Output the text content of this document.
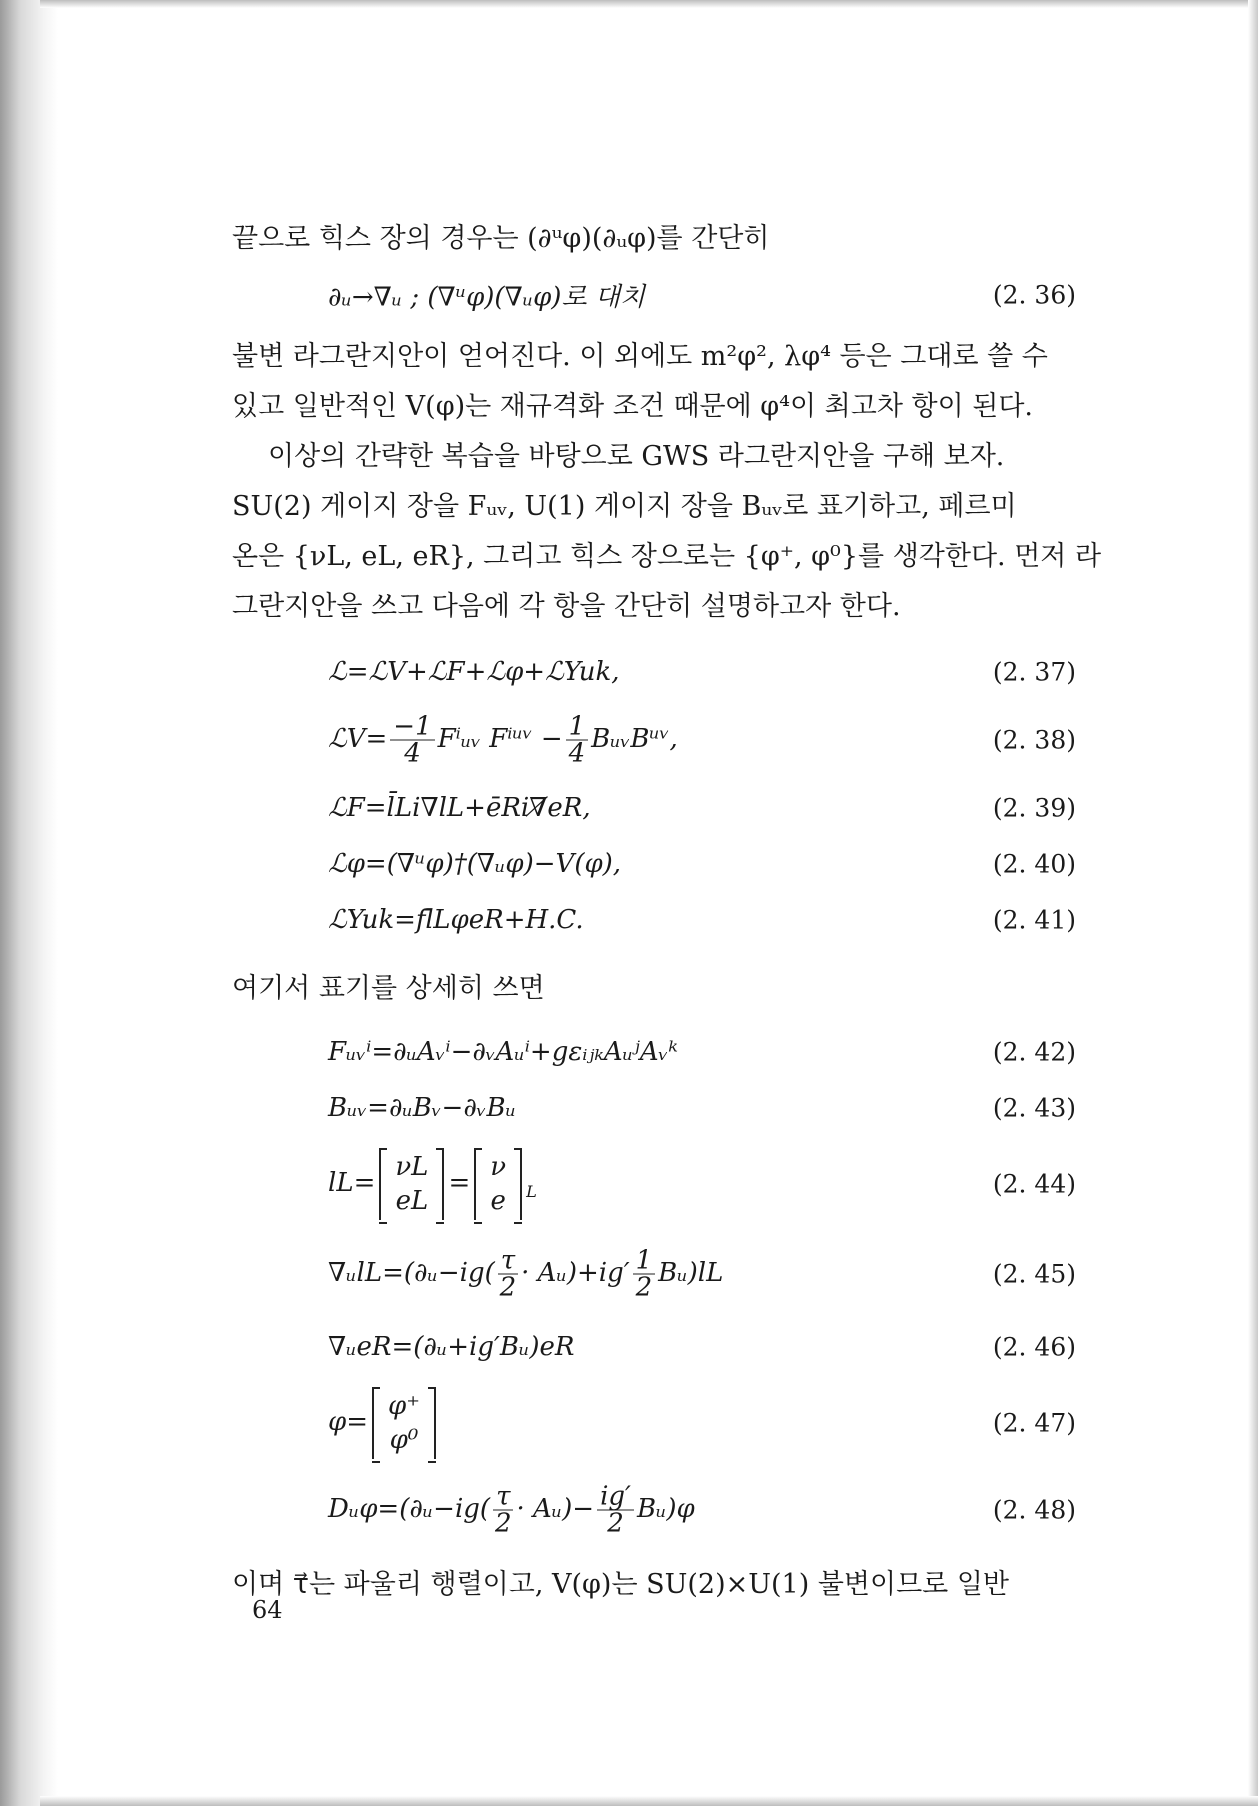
끝으로 힉스 장의 경우는 (∂ᵘφ)(∂ᵤφ)를 간단히

∂ᵤ→∇ᵤ ; (∇ᵘφ)(∇ᵤφ)로 대치	(2. 36)

불변 라그란지안이 얻어진다. 이 외에도 m²φ², λφ⁴ 등은 그대로 쓸 수

있고 일반적인 V(φ)는 재규격화 조건 때문에 φ⁴이 최고차 항이 된다.

이상의 간략한 복습을 바탕으로 GWS 라그란지안을 구해 보자.

SU(2) 게이지 장을 Fᵤᵥ, U(1) 게이지 장을 Bᵤᵥ로 표기하고, 페르미

온은 {νL, eL, eR}, 그리고 힉스 장으로는 {φ⁺, φ⁰}를 생각한다. 먼저 라

그란지안을 쓰고 다음에 각 항을 간단히 설명하고자 한다.

ℒ=ℒV+ℒF+ℒφ+ℒYuk,	(2. 37)
ℒV= $\frac{-1}{4}$ Fⁱᵤᵥ Fⁱᵘᵛ − $\frac{1}{4}$ BᵤᵥBᵘᵛ,	(2. 38)
ℒF=l̄Li∇lL+ēRi∇̸eR,	(2. 39)
ℒφ=(∇ᵘφ)†(∇ᵤφ)−V(φ),	(2. 40)
ℒYuk=fl̄LφeR+H.C.	(2. 41)

여기서 표기를 상세히 쓰면

Fᵤᵥⁱ=∂ᵤAᵥⁱ−∂ᵥAᵤⁱ+gεᵢⱼₖAᵤʲAᵥᵏ	(2. 42)
Bᵤᵥ=∂ᵤBᵥ−∂ᵥBᵤ	(2. 43)
lL=
νL
eL
=
ν
e $_L$	(2. 44)
∇ᵤlL=(∂ᵤ−ig( $\frac{\tau}{2}$ · Aᵤ)+ig′ $\frac{1}{2}$ Bᵤ)lL	(2. 45)
∇ᵤeR=(∂ᵤ+ig′Bᵤ)eR	(2. 46)
φ=
φ⁺
φ⁰
(2. 47)
Dᵤφ=(∂ᵤ−ig( $\frac{\tau}{2}$ · Aᵤ)− $\frac{ig'}{2}$ Bᵤ)φ	(2. 48)

이며 τ⃗는 파울리 행렬이고, V(φ)는 SU(2)×U(1) 불변이므로 일반

64
